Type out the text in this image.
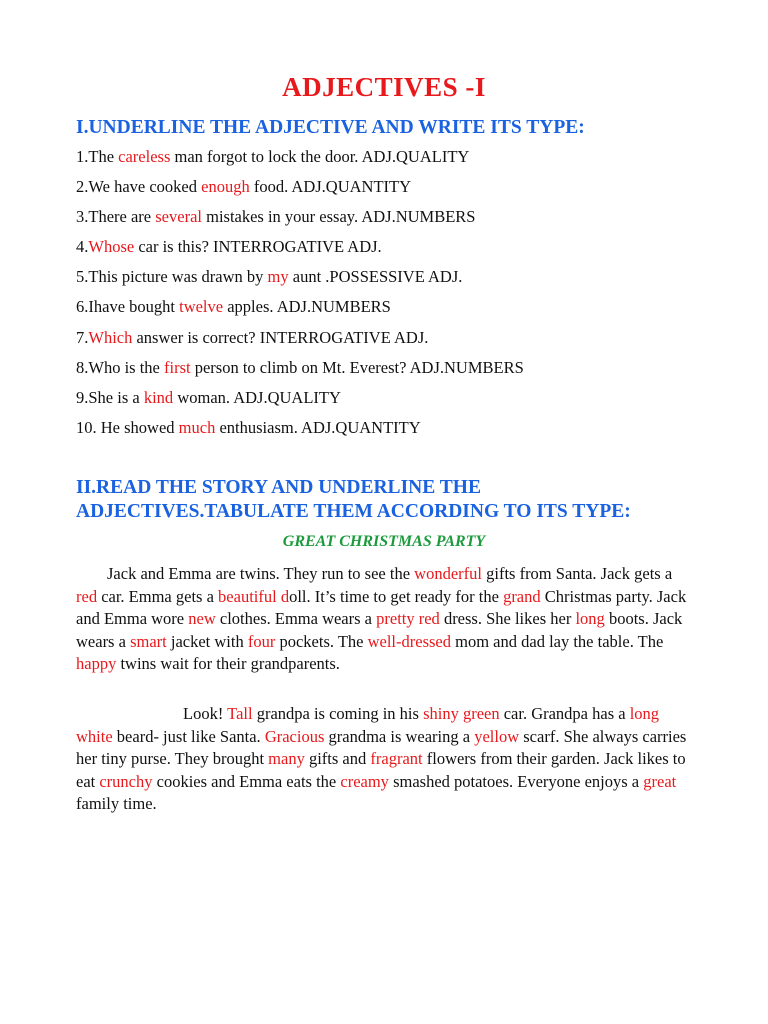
ADJECTIVES -I
I.UNDERLINE THE ADJECTIVE AND WRITE ITS TYPE:
1.The careless man forgot to lock the door. ADJ.QUALITY
2.We have cooked enough food. ADJ.QUANTITY
3.There are several mistakes in your essay. ADJ.NUMBERS
4.Whose car is this? INTERROGATIVE ADJ.
5.This picture was drawn by my aunt .POSSESSIVE ADJ.
6.Ihave bought twelve apples. ADJ.NUMBERS
7.Which answer is correct? INTERROGATIVE ADJ.
8.Who is the first person to climb on Mt. Everest? ADJ.NUMBERS
9.She is a kind woman. ADJ.QUALITY
10. He showed much enthusiasm. ADJ.QUANTITY
II.READ THE STORY AND UNDERLINE THE
ADJECTIVES.TABULATE THEM ACCORDING TO ITS TYPE:
GREAT CHRISTMAS PARTY
Jack and Emma are twins. They run to see the wonderful gifts from Santa. Jack gets a red car. Emma gets a beautiful doll. It’s time to get ready for the grand Christmas party. Jack and Emma wore new clothes. Emma wears a pretty red dress. She likes her long boots. Jack wears a smart jacket with four pockets. The well-dressed mom and dad lay the table. The happy twins wait for their grandparents.
Look! Tall grandpa is coming in his shiny green car. Grandpa has a long white beard- just like Santa. Gracious grandma is wearing a yellow scarf. She always carries her tiny purse. They brought many gifts and fragrant flowers from their garden. Jack likes to eat crunchy cookies and Emma eats the creamy smashed potatoes. Everyone enjoys a great family time.
